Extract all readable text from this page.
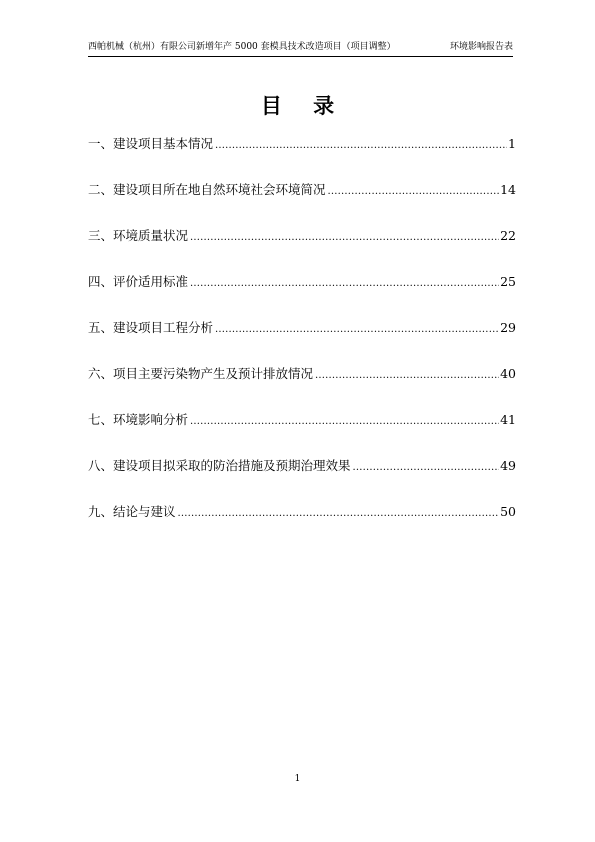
西帕机械（杭州）有限公司新增年产 5000 套模具技术改造项目（项目调整）	环境影响报告表
目 录
一、建设项目基本情况 .....	1
二、建设项目所在地自然环境社会环境简况 .....	14
三、环境质量状况 .....	22
四、评价适用标准 .....	25
五、建设项目工程分析 .....	29
六、项目主要污染物产生及预计排放情况 .....	40
七、环境影响分析 .....	41
八、建设项目拟采取的防治措施及预期治理效果 .....	49
九、结论与建议 .....	50
1
